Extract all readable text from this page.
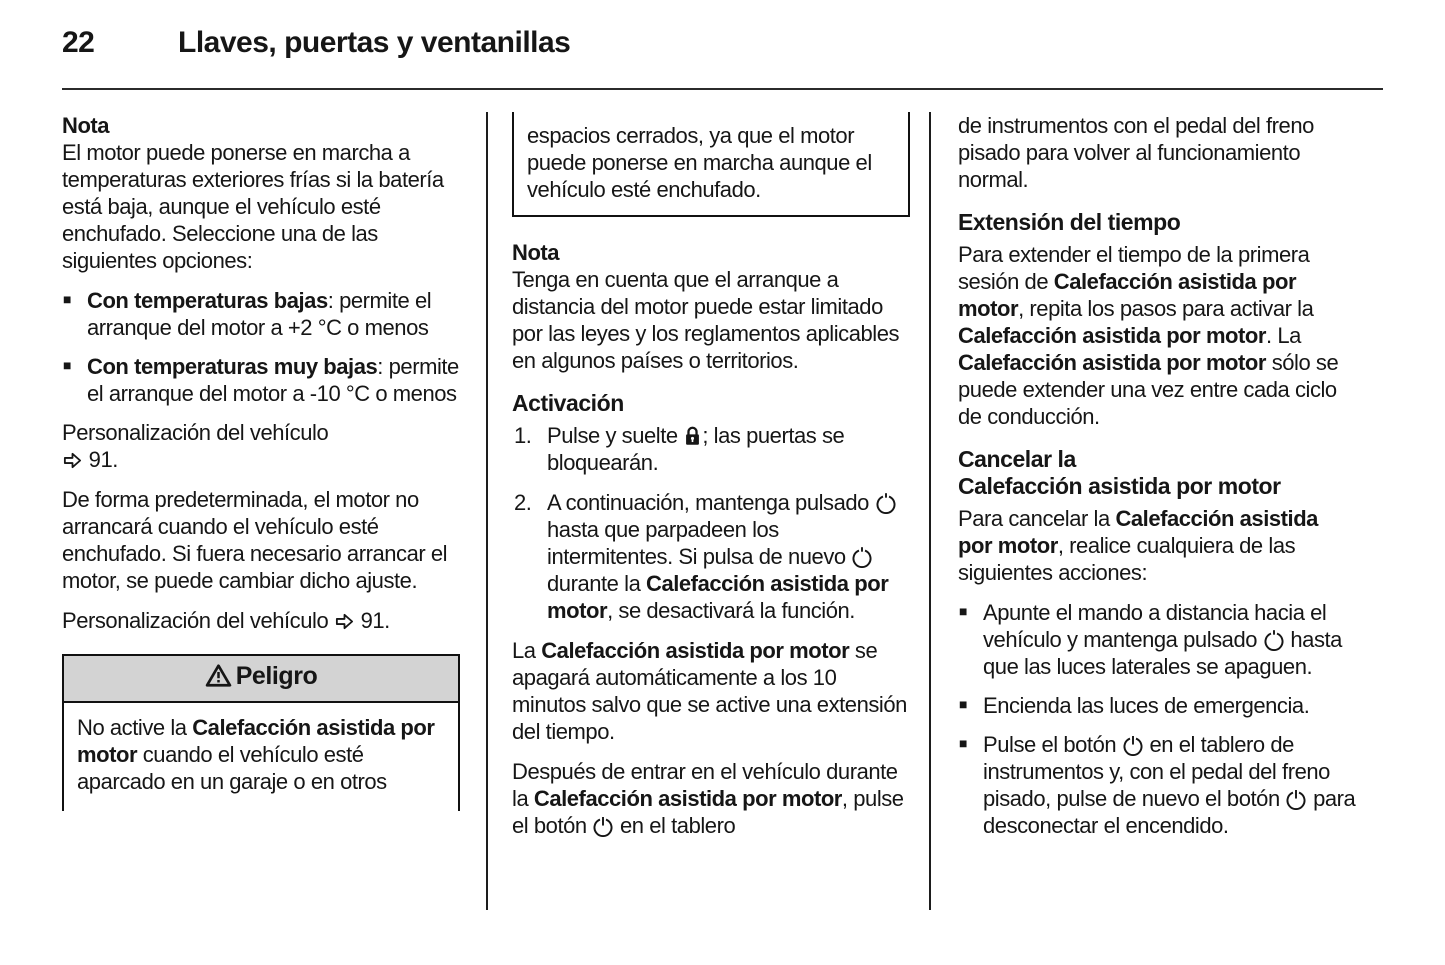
22	Llaves, puertas y ventanillas
Nota
El motor puede ponerse en marcha a temperaturas exteriores frías si la batería está baja, aunque el vehículo esté enchufado. Seleccione una de las siguientes opciones:
■ Con temperaturas bajas: permite el arranque del motor a +2 °C o menos
■ Con temperaturas muy bajas: permite el arranque del motor a -10 °C o menos
Personalización del vehículo
91.
De forma predeterminada, el motor no arrancará cuando el vehículo esté enchufado. Si fuera necesario arrancar el motor, se puede cambiar dicho ajuste.
Personalización del vehículo  91.
Peligro
No active la Calefacción asistida por motor cuando el vehículo esté aparcado en un garaje o en otros
espacios cerrados, ya que el motor puede ponerse en marcha aunque el vehículo esté enchufado.
Nota
Tenga en cuenta que el arranque a distancia del motor puede estar limitado por las leyes y los reglamentos aplicables en algunos países o territorios.
Activación
1. Pulse y suelte ; las puertas se bloquearán.
2. A continuación, mantenga pulsado  hasta que parpadeen los intermitentes. Si pulsa de nuevo  durante la Calefacción asistida por motor, se desactivará la función.
La Calefacción asistida por motor se apagará automáticamente a los 10 minutos salvo que se active una extensión del tiempo.
Después de entrar en el vehículo durante la Calefacción asistida por motor, pulse el botón  en el tablero
de instrumentos con el pedal del freno pisado para volver al funcionamiento normal.
Extensión del tiempo
Para extender el tiempo de la primera sesión de Calefacción asistida por motor, repita los pasos para activar la Calefacción asistida por motor. La Calefacción asistida por motor sólo se puede extender una vez entre cada ciclo de conducción.
Cancelar la
Calefacción asistida por motor
Para cancelar la Calefacción asistida por motor, realice cualquiera de las siguientes acciones:
■ Apunte el mando a distancia hacia el vehículo y mantenga pulsado  hasta que las luces laterales se apaguen.
■ Encienda las luces de emergencia.
■ Pulse el botón  en el tablero de instrumentos y, con el pedal del freno pisado, pulse de nuevo el botón  para desconectar el encendido.
